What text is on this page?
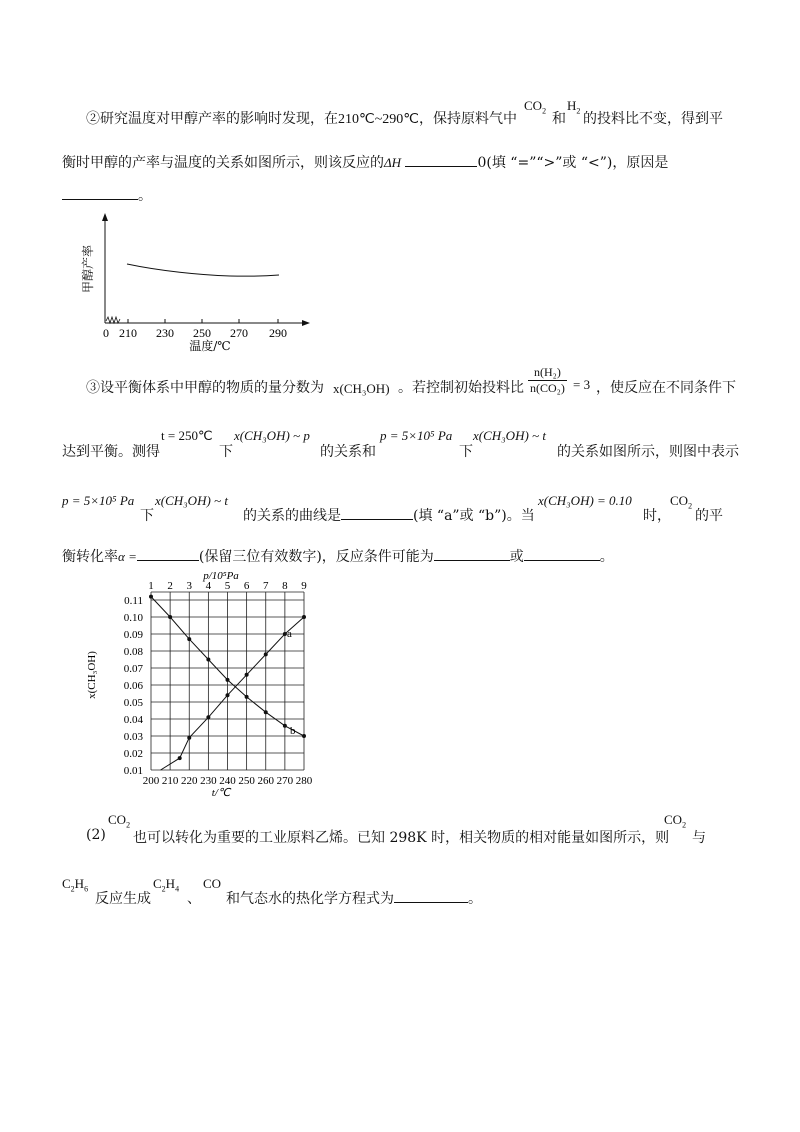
②研究温度对甲醇产率的影响时发现，在210℃~290℃，保持原料气中
$CO_2$ 和
$H_2$ 的投料比不变，得到平
衡时甲醇的产率与温度的关系如图所示，则该反应的ΔH	0(填 “=”“>”或 “<”)，原因是
。
0 210 230 250 270 290
甲醇产率
温度/℃
③设平衡体系中甲醇的物质的量分数为 x(CH₃OH) 。若控制初始投料比 $\frac{\text{n(H₂)}}{\text{n(CO₂)}} = 3$ ，使反应在不同条件下
达到平衡。测得
t = 250℃
下
x(CH₃OH) ~ p
的关系和
p = 5×10⁵ Pa
下
x(CH₃OH) ~ t
的关系如图所示，则图中表示
p = 5×10⁵ Pa
下
x(CH₃OH) ~ t
的关系的曲线是	(填 “a”或 “b”)。当
x(CH₃OH) = 0.10
时，
$CO_2$
的平
衡转化率α =	(保留三位有效数字)，反应条件可能为	或	。
1 2 3 4 5 6 7 8 9
200 210 220 230 240 250 260 270 280
0.11
0.10
0.09
0.08
0.07
0.06
0.05
0.04
0.03
0.02
0.01
p/10⁵Pa
t/℃
x(CH₃OH)
a
b
(2)
$CO_2$
也可以转化为重要的工业原料乙烯。已知 298K 时，相关物质的相对能量如图所示，则
$CO_2$
与
$C_2H_6$
反应生成
$C_2H_4$
、
CO
和气态水的热化学方程式为	。
